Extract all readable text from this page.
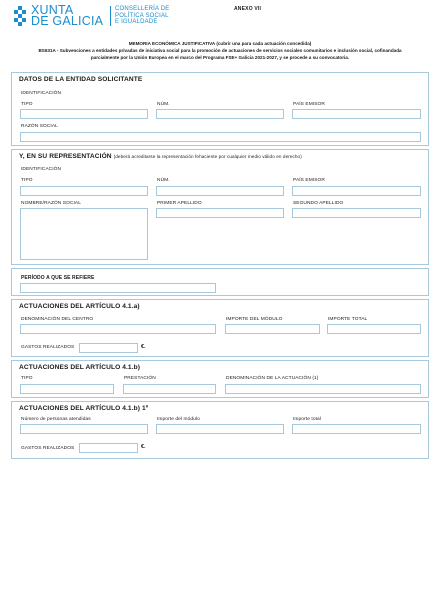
XUNTA
DE GALICIA
CONSELLERÍA DE
POLÍTICA SOCIAL
E IGUALDADE
ANEXO VII
MEMORIA ECONÓMICA JUSTIFICATIVA (cubrir una para cada actuación concedida)
BS631A - Subvenciones a entidades privadas de iniciativa social para la promoción de actuaciones de servicios sociales comunitarios e inclusión social, cofinandada
parcialmente por la Unión Europea en el marco del Programa FSE+ Galicia 2021-2027, y se procede a su convocatoria.
DATOS DE LA ENTIDAD SOLICITANTE
IDENTIFICACIÓN
TIPO	NÚM.	PAÍS EMISOR
RAZÓN SOCIAL
Y, EN SU REPRESENTACIÓN (deberá acreditarse la representación fehaciente por cualquier medio válido en derecho)
IDENTIFICACIÓN
TIPO	NÚM.	PAÍS EMISOR
NOMBRE/RAZÓN SOCIAL	PRIMER APELLIDO	SEGUNDO APELLIDO
PERÍODO A QUE SE REFIERE
ACTUACIONES DEL ARTÍCULO 4.1.a)
DENOMINACIÓN DEL CENTRO	IMPORTE DEL MÓDULO	IMPORTE TOTAL
GASTOS REALIZADOS	€.
ACTUACIONES DEL ARTÍCULO 4.1.b)
TIPO	PRESTACIÓN	DENOMINACIÓN DE LA ACTUACIÓN (1)
ACTUACIONES DEL ARTÍCULO 4.1.b) 1º
Número de personas atendidas	Importe del módulo	Importe total
GASTOS REALIZADOS	€.
